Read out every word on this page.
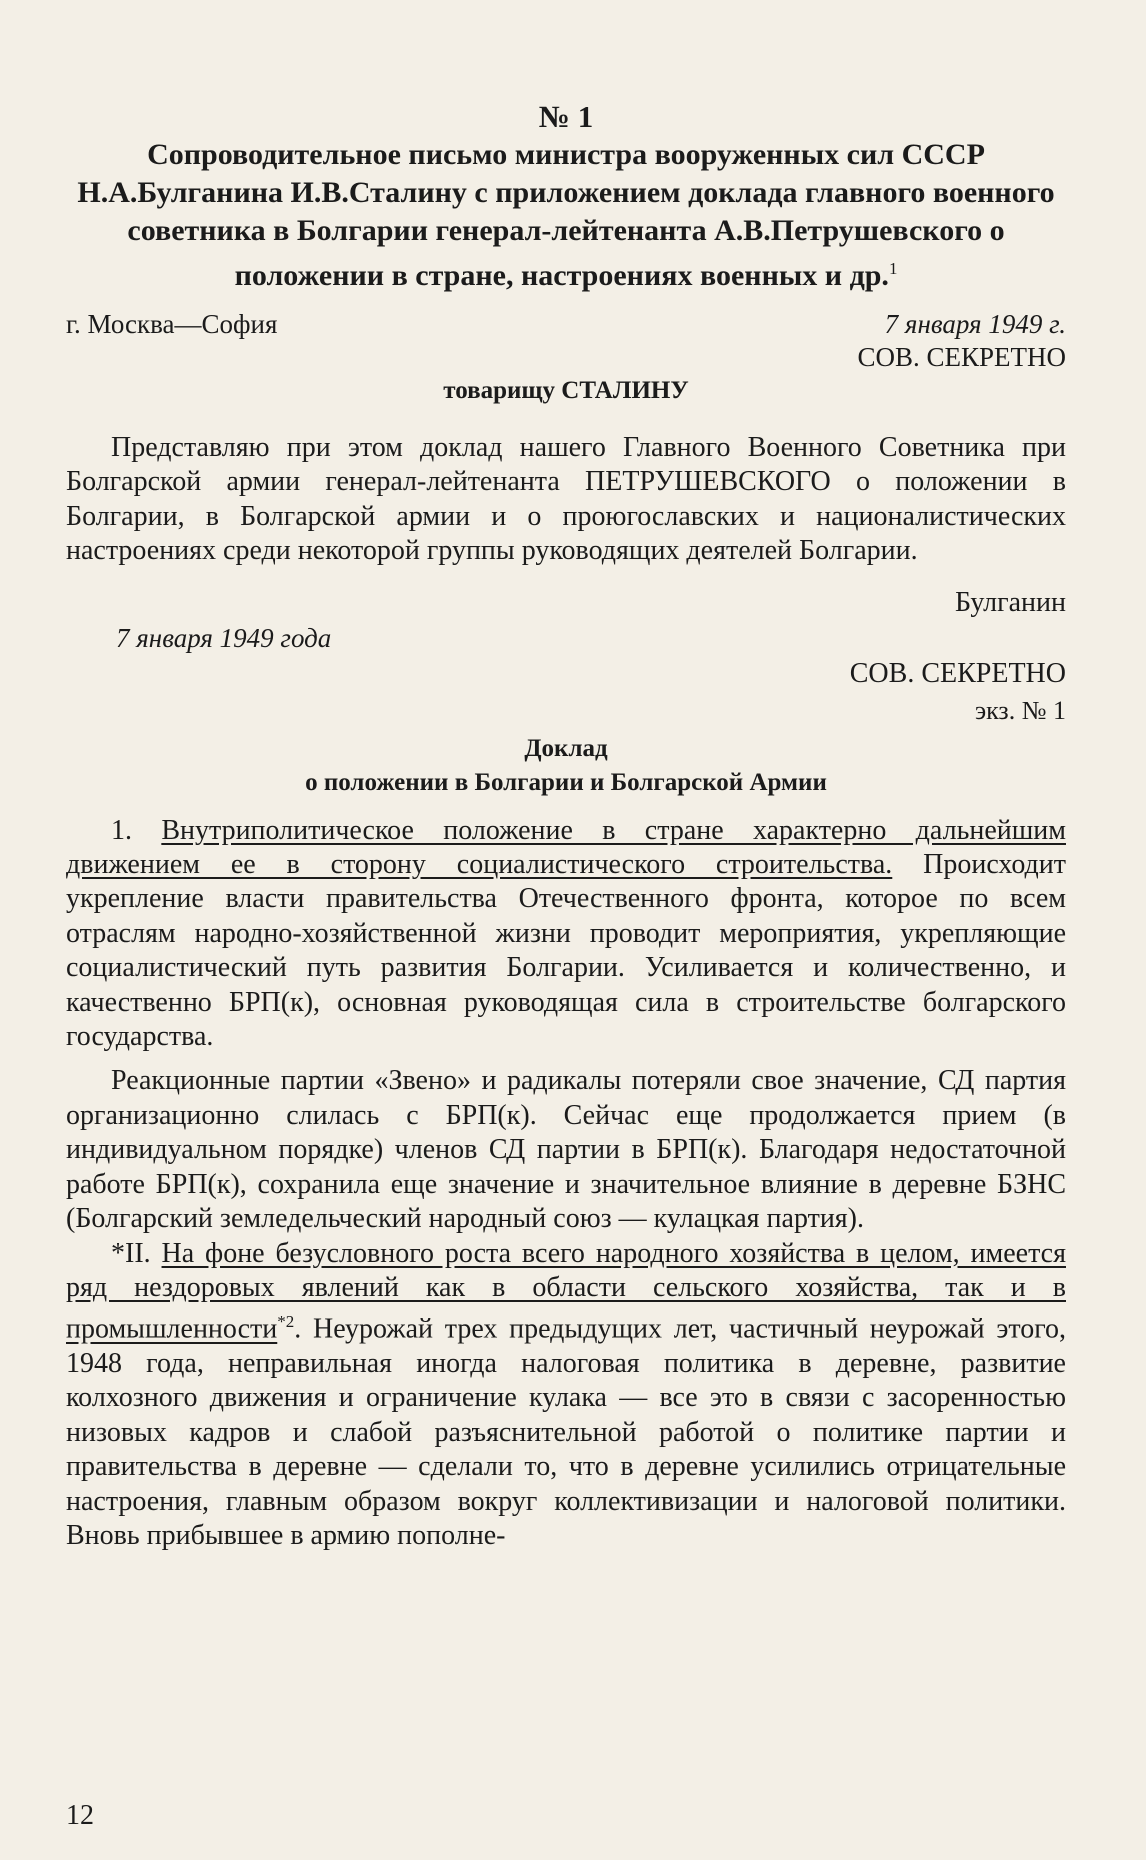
№ 1
Сопроводительное письмо министра вооруженных сил СССР Н.А.Булганина И.В.Сталину с приложением доклада главного военного советника в Болгарии генерал-лейтенанта А.В.Петрушевского о положении в стране, настроениях военных и др.$^1$
г. Москва—София	7 января 1949 г.
СОВ. СЕКРЕТНО
товарищу СТАЛИНУ

Представляю при этом доклад нашего Главного Военного Советника при Болгарской армии генерал-лейтенанта ПЕТРУШЕВСКОГО о положении в Болгарии, в Болгарской армии и о проюгославских и националистических настроениях среди некоторой группы руководящих деятелей Болгарии.

Булганин
7 января 1949 года
СОВ. СЕКРЕТНО
экз. № 1
Доклад
о положении в Болгарии и Болгарской Армии

1. Внутриполитическое положение в стране характерно дальнейшим движением ее в сторону социалистического строительства. Происходит укрепление власти правительства Отечественного фронта, которое по всем отраслям народно-хозяйственной жизни проводит мероприятия, укрепляющие социалистический путь развития Болгарии. Усиливается и количественно, и качественно БРП(к), основная руководящая сила в строительстве болгарского государства.

Реакционные партии «Звено» и радикалы потеряли свое значение, СД партия организационно слилась с БРП(к). Сейчас еще продолжается прием (в индивидуальном порядке) членов СД партии в БРП(к). Благодаря недостаточной работе БРП(к), сохранила еще значение и значительное влияние в деревне БЗНС (Болгарский земледельческий народный союз — кулацкая партия).

*II. На фоне безусловного роста всего народного хозяйства в целом, имеется ряд нездоровых явлений как в области сельского хозяйства, так и в промышленности$^{*2}$. Неурожай трех предыдущих лет, частичный неурожай этого, 1948 года, неправильная иногда налоговая политика в деревне, развитие колхозного движения и ограничение кулака — все это в связи с засоренностью низовых кадров и слабой разъяснительной работой о политике партии и правительства в деревне — сделали то, что в деревне усилились отрицательные настроения, главным образом вокруг коллективизации и налоговой политики. Вновь прибывшее в армию пополне-

12
